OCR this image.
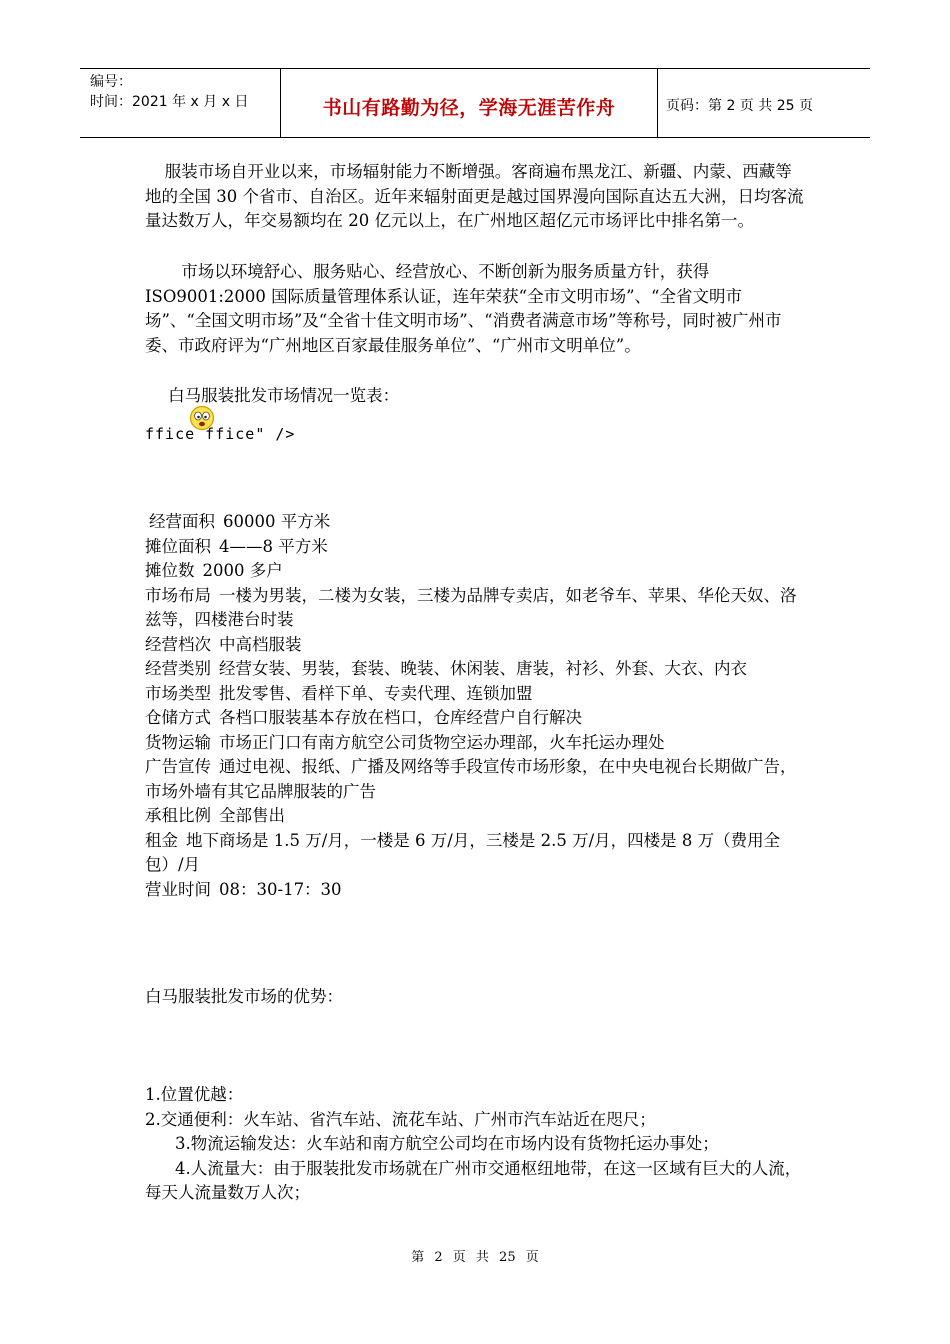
编号：
时间：2021 年 x 月 x 日	书山有路勤为径，学海无涯苦作舟	页码：第 2 页 共 25 页

服装市场自开业以来，市场辐射能力不断增强。客商遍布黑龙江、新疆、内蒙、西藏等地的全国 30 个省市、自治区。近年来辐射面更是越过国界漫向国际直达五大洲，日均客流量达数万人，年交易额均在 20 亿元以上，在广州地区超亿元市场评比中排名第一。

市场以环境舒心、服务贴心、经营放心、不断创新为服务质量方针，获得 ISO9001:2000 国际质量管理体系认证，连年荣获“全市文明市场”、“全省文明市场”、“全国文明市场”及“全省十佳文明市场”、“消费者满意市场”等称号，同时被广州市委、市政府评为“广州地区百家最佳服务单位”、“广州市文明单位”。

白马服装批发市场情况一览表：

ffice ffice" />
经营面积 60000 平方米
摊位面积 4——8 平方米
摊位数 2000 多户
市场布局 一楼为男装，二楼为女装，三楼为品牌专卖店，如老爷车、苹果、华伦天奴、洛兹等，四楼港台时装
经营档次 中高档服装
经营类别 经营女装、男装，套装、晚装、休闲装、唐装，衬衫、外套、大衣、内衣
市场类型 批发零售、看样下单、专卖代理、连锁加盟
仓储方式 各档口服装基本存放在档口，仓库经营户自行解决
货物运输 市场正门口有南方航空公司货物空运办理部，火车托运办理处
广告宣传 通过电视、报纸、广播及网络等手段宣传市场形象，在中央电视台长期做广告，市场外墙有其它品牌服装的广告
承租比例 全部售出
租金 地下商场是 1.5 万/月，一楼是 6 万/月，三楼是 2.5 万/月，四楼是 8 万（费用全包）/月
营业时间 08：30-17：30
白马服装批发市场的优势：
1.位置优越：
2.交通便利：火车站、省汽车站、流花车站、广州市汽车站近在咫尺；
3.物流运输发达：火车站和南方航空公司均在市场内设有货物托运办事处；
4.人流量大：由于服装批发市场就在广州市交通枢纽地带，在这一区域有巨大的人流，每天人流量数万人次；
第 2 页 共 25 页
